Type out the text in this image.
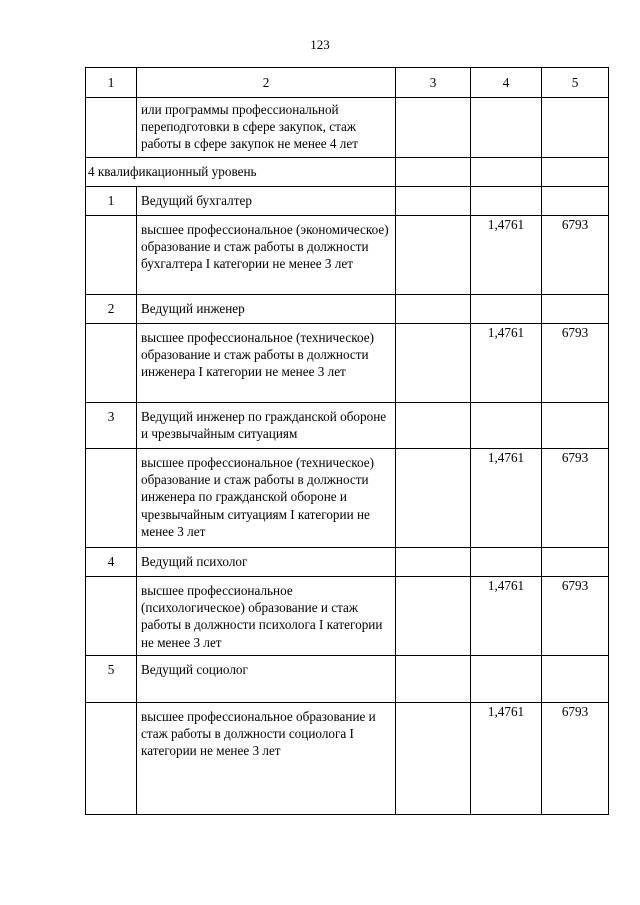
123
1	2	3	4	5
	или программы профессиональной переподготовки в сфере закупок, стаж работы в сфере закупок не менее 4 лет			
4 квалификационный уровень				
1	Ведущий бухгалтер			
	высшее профессиональное (экономическое) образование и стаж работы в должности бухгалтера I категории не менее 3 лет		1,4761	6793
2	Ведущий инженер			
	высшее профессиональное (техническое) образование и стаж работы в должности инженера I категории не менее 3 лет		1,4761	6793
3	Ведущий инженер по гражданской обороне и чрезвычайным ситуациям			
	высшее профессиональное (техническое) образование и стаж работы в должности инженера по гражданской обороне и чрезвычайным ситуациям I категории не менее 3 лет		1,4761	6793
4	Ведущий психолог			
	высшее профессиональное (психологическое) образование и стаж работы в должности психолога I категории не менее 3 лет		1,4761	6793
5	Ведущий социолог			
	высшее профессиональное образование и стаж работы в должности социолога I категории не менее 3 лет		1,4761	6793
